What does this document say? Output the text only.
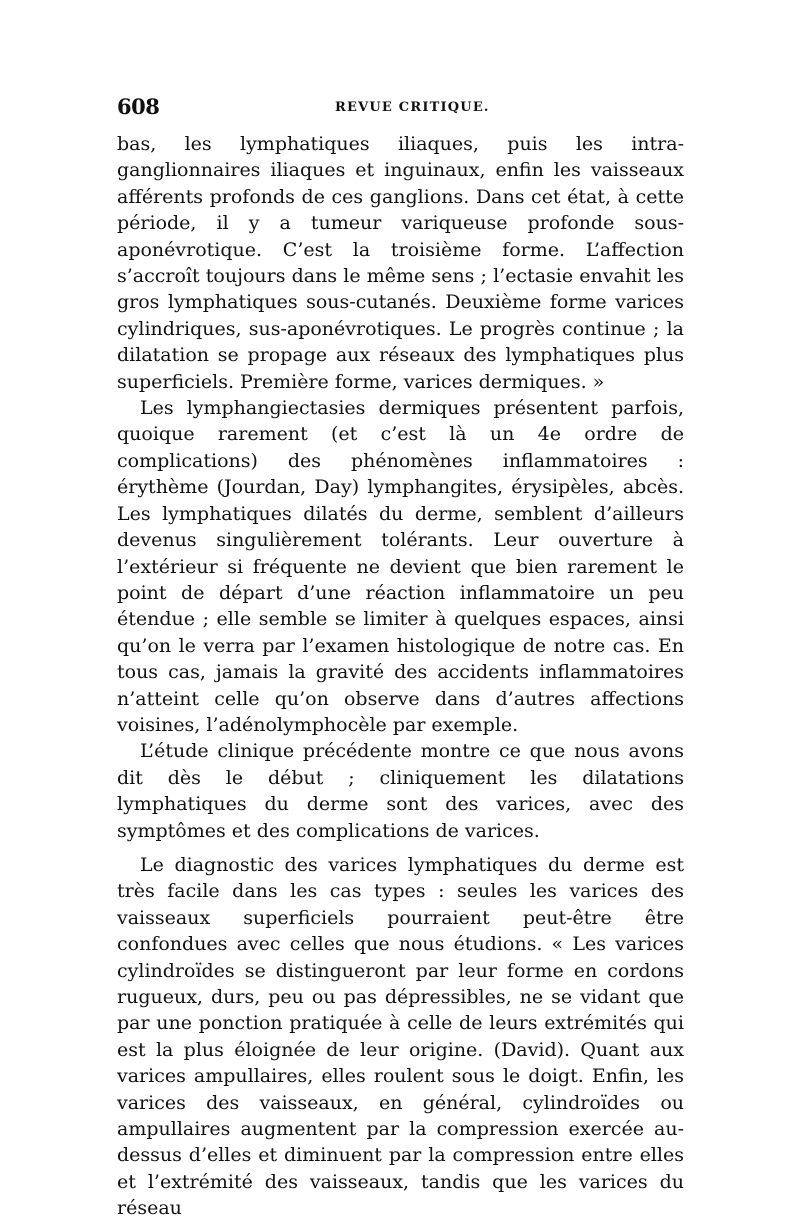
608	REVUE CRITIQUE.

bas, les lymphatiques iliaques, puis les intra-ganglionnaires iliaques et inguinaux, enfin les vaisseaux afférents profonds de ces ganglions. Dans cet état, à cette période, il y a tumeur variqueuse profonde sous-aponévrotique. C’est la troisième forme. L’affection s’accroît toujours dans le même sens ; l’ectasie envahit les gros lymphatiques sous-cutanés. Deuxième forme varices cylindriques, sus-aponévrotiques. Le progrès continue ; la dilatation se propage aux réseaux des lymphatiques plus superficiels. Première forme, varices dermiques. »

Les lymphangiectasies dermiques présentent parfois, quoique rarement (et c’est là un 4e ordre de complications) des phénomènes inflammatoires : érythème (Jourdan, Day) lymphangites, érysipèles, abcès. Les lymphatiques dilatés du derme, semblent d’ailleurs devenus singulièrement tolérants. Leur ouverture à l’extérieur si fréquente ne devient que bien rarement le point de départ d’une réaction inflammatoire un peu étendue ; elle semble se limiter à quelques espaces, ainsi qu’on le verra par l’examen histologique de notre cas. En tous cas, jamais la gravité des accidents inflammatoires n’atteint celle qu’on observe dans d’autres affections voisines, l’adénolymphocèle par exemple.

L’étude clinique précédente montre ce que nous avons dit dès le début ; cliniquement les dilatations lymphatiques du derme sont des varices, avec des symptômes et des complications de varices.

Le diagnostic des varices lymphatiques du derme est très facile dans les cas types : seules les varices des vaisseaux superficiels pourraient peut-être être confondues avec celles que nous étudions. « Les varices cylindroïdes se distingueront par leur forme en cordons rugueux, durs, peu ou pas dépressibles, ne se vidant que par une ponction pratiquée à celle de leurs extrémités qui est la plus éloignée de leur origine. (David). Quant aux varices ampullaires, elles roulent sous le doigt. Enfin, les varices des vaisseaux, en général, cylindroïdes ou ampullaires augmentent par la compression exercée au-dessus d’elles et diminuent par la compression entre elles et l’extrémité des vaisseaux, tandis que les varices du réseau
